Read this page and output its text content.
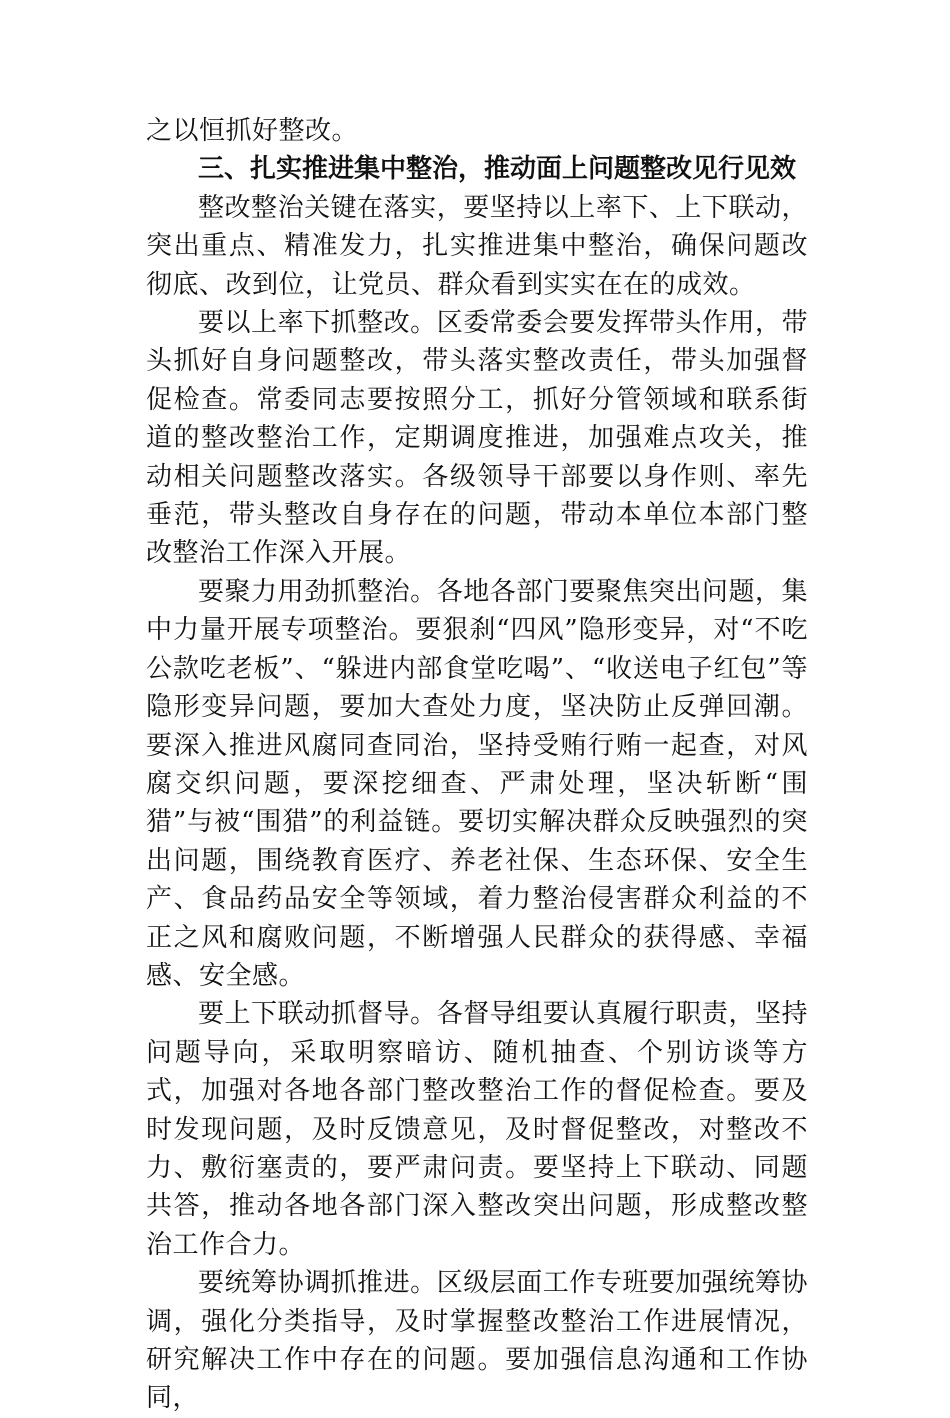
之以恒抓好整改。

三、扎实推进集中整治，推动面上问题整改见行见效

整改整治关键在落实，要坚持以上率下、上下联动，突出重点、精准发力，扎实推进集中整治，确保问题改彻底、改到位，让党员、群众看到实实在在的成效。

要以上率下抓整改。区委常委会要发挥带头作用，带头抓好自身问题整改，带头落实整改责任，带头加强督促检查。常委同志要按照分工，抓好分管领域和联系街道的整改整治工作，定期调度推进，加强难点攻关，推动相关问题整改落实。各级领导干部要以身作则、率先垂范，带头整改自身存在的问题，带动本单位本部门整改整治工作深入开展。

要聚力用劲抓整治。各地各部门要聚焦突出问题，集中力量开展专项整治。要狠刹“四风”隐形变异，对“不吃公款吃老板”、“躲进内部食堂吃喝”、“收送电子红包”等隐形变异问题，要加大查处力度，坚决防止反弹回潮。要深入推进风腐同查同治，坚持受贿行贿一起查，对风腐交织问题，要深挖细查、严肃处理，坚决斩断“围猎”与被“围猎”的利益链。要切实解决群众反映强烈的突出问题，围绕教育医疗、养老社保、生态环保、安全生产、食品药品安全等领域，着力整治侵害群众利益的不正之风和腐败问题，不断增强人民群众的获得感、幸福感、安全感。

要上下联动抓督导。各督导组要认真履行职责，坚持问题导向，采取明察暗访、随机抽查、个别访谈等方式，加强对各地各部门整改整治工作的督促检查。要及时发现问题，及时反馈意见，及时督促整改，对整改不力、敷衍塞责的，要严肃问责。要坚持上下联动、同题共答，推动各地各部门深入整改突出问题，形成整改整治工作合力。

要统筹协调抓推进。区级层面工作专班要加强统筹协调，强化分类指导，及时掌握整改整治工作进展情况，研究解决工作中存在的问题。要加强信息沟通和工作协同，
